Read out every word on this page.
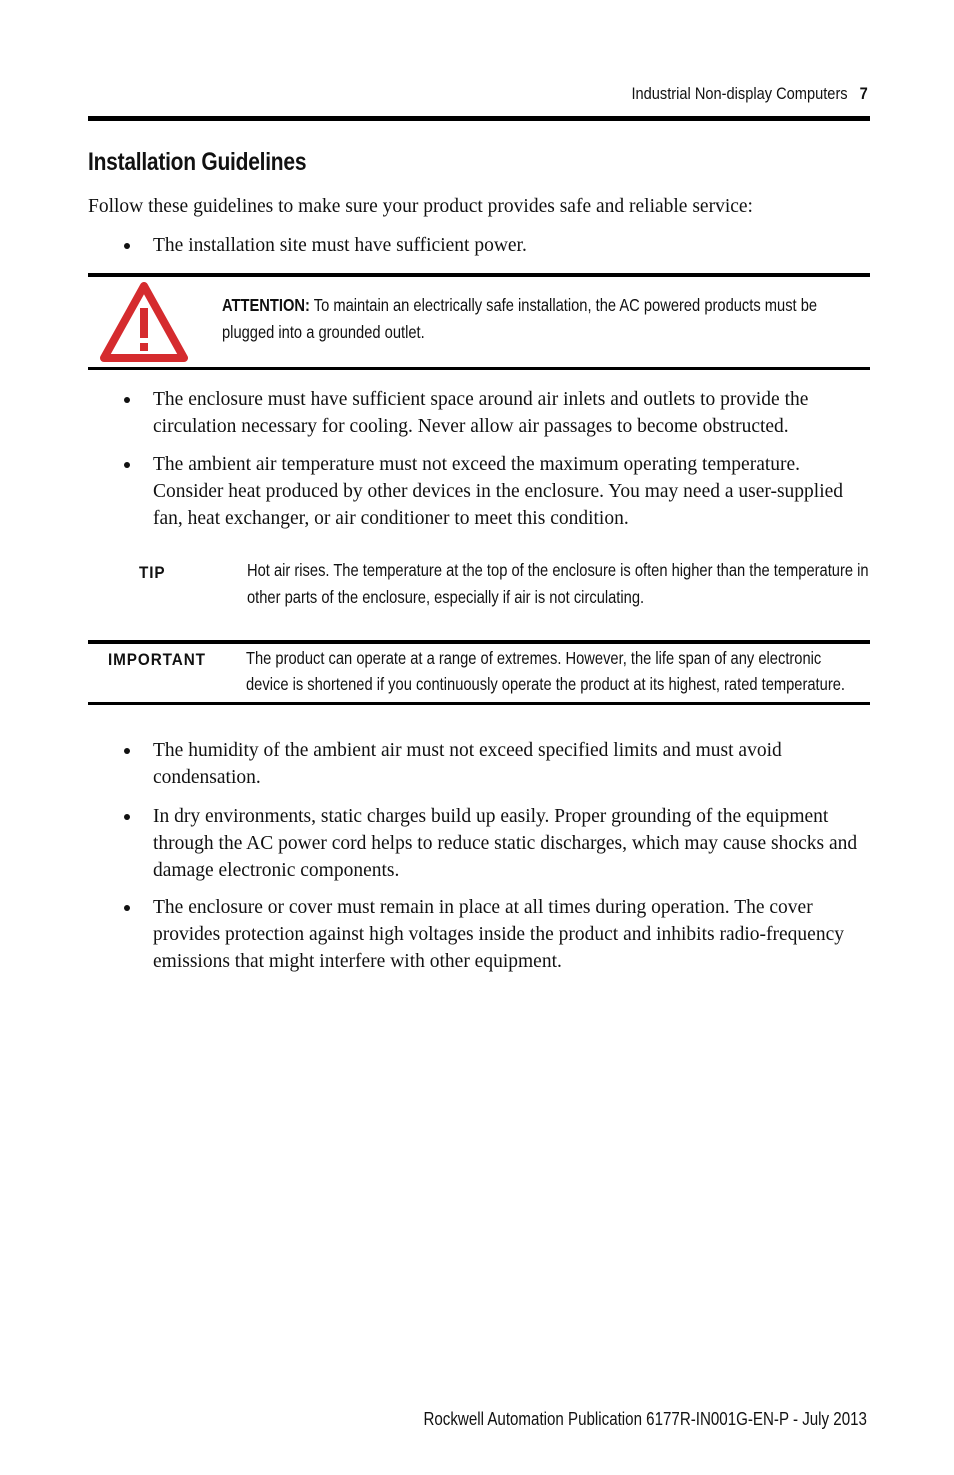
Industrial Non-display Computers 7
Installation Guidelines
Follow these guidelines to make sure your product provides safe and reliable service:
The installation site must have sufficient power.
ATTENTION: To maintain an electrically safe installation, the AC powered products must be plugged into a grounded outlet.
The enclosure must have sufficient space around air inlets and outlets to provide the circulation necessary for cooling. Never allow air passages to become obstructed.
The ambient air temperature must not exceed the maximum operating temperature. Consider heat produced by other devices in the enclosure. You may need a user-supplied fan, heat exchanger, or air conditioner to meet this condition.
TIP	Hot air rises. The temperature at the top of the enclosure is often higher than the temperature in other parts of the enclosure, especially if air is not circulating.
IMPORTANT The product can operate at a range of extremes. However, the life span of any electronic device is shortened if you continuously operate the product at its highest, rated temperature.
The humidity of the ambient air must not exceed specified limits and must avoid condensation.
In dry environments, static charges build up easily. Proper grounding of the equipment through the AC power cord helps to reduce static discharges, which may cause shocks and damage electronic components.
The enclosure or cover must remain in place at all times during operation. The cover provides protection against high voltages inside the product and inhibits radio-frequency emissions that might interfere with other equipment.
Rockwell Automation Publication 6177R-IN001G-EN-P - July 2013
